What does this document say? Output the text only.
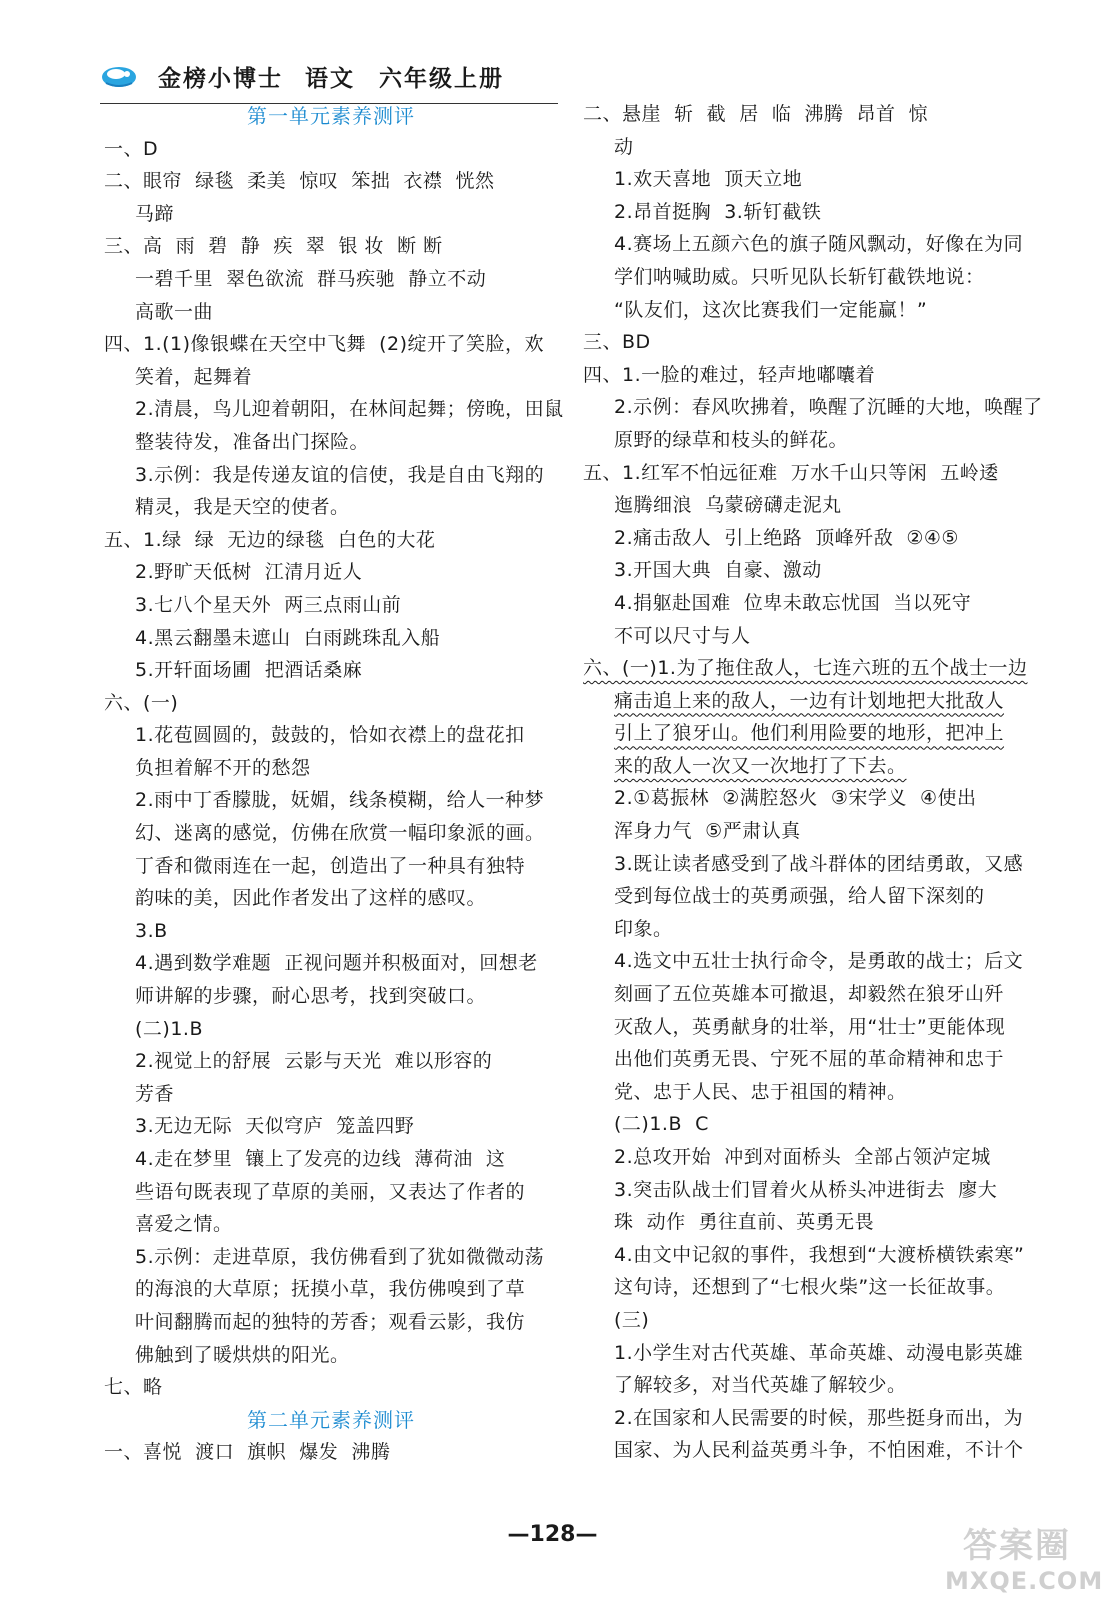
金榜小博士 语文 六年级上册
第一单元素养测评
一、D
二、眼帘  绿毯  柔美  惊叹  笨拙  衣襟  恍然
马蹄
三、高  雨  碧  静  疾  翠  银 妆  断 断
一碧千里  翠色欲流  群马疾驰  静立不动
高歌一曲
四、1.(1)像银蝶在天空中飞舞  (2)绽开了笑脸，欢
笑着，起舞着
2.清晨，鸟儿迎着朝阳，在林间起舞；傍晚，田鼠
整装待发，准备出门探险。
3.示例：我是传递友谊的信使，我是自由飞翔的
精灵，我是天空的使者。
五、1.绿  绿  无边的绿毯  白色的大花
2.野旷天低树  江清月近人
3.七八个星天外  两三点雨山前
4.黑云翻墨未遮山  白雨跳珠乱入船
5.开轩面场圃  把酒话桑麻
六、(一)
1.花苞圆圆的，鼓鼓的，恰如衣襟上的盘花扣
负担着解不开的愁怨
2.雨中丁香朦胧，妩媚，线条模糊，给人一种梦
幻、迷离的感觉，仿佛在欣赏一幅印象派的画。
丁香和微雨连在一起，创造出了一种具有独特
韵味的美，因此作者发出了这样的感叹。
3.B
4.遇到数学难题  正视问题并积极面对，回想老
师讲解的步骤，耐心思考，找到突破口。
(二)1.B
2.视觉上的舒展  云影与天光  难以形容的
芳香
3.无边无际  天似穹庐  笼盖四野
4.走在梦里  镶上了发亮的边线  薄荷油  这
些语句既表现了草原的美丽，又表达了作者的
喜爱之情。
5.示例：走进草原，我仿佛看到了犹如微微动荡
的海浪的大草原；抚摸小草，我仿佛嗅到了草
叶间翻腾而起的独特的芳香；观看云影，我仿
佛触到了暖烘烘的阳光。
七、略
第二单元素养测评
一、喜悦  渡口  旗帜  爆发  沸腾
二、悬崖  斩  截  居  临  沸腾  昂首  惊
动
1.欢天喜地  顶天立地
2.昂首挺胸  3.斩钉截铁
4.赛场上五颜六色的旗子随风飘动，好像在为同
学们呐喊助威。只听见队长斩钉截铁地说：
“队友们，这次比赛我们一定能赢！”
三、BD
四、1.一脸的难过，轻声地嘟囔着
2.示例：春风吹拂着，唤醒了沉睡的大地，唤醒了
原野的绿草和枝头的鲜花。
五、1.红军不怕远征难  万水千山只等闲  五岭逶
迤腾细浪  乌蒙磅礴走泥丸
2.痛击敌人  引上绝路  顶峰歼敌  ②④⑤
3.开国大典  自豪、激动
4.捐躯赴国难  位卑未敢忘忧国  当以死守
不可以尺寸与人
六、(一)1.为了拖住敌人，七连六班的五个战士一边
痛击追上来的敌人，一边有计划地把大批敌人
引上了狼牙山。他们利用险要的地形，把冲上
来的敌人一次又一次地打了下去。
2.①葛振林  ②满腔怒火  ③宋学义  ④使出
浑身力气  ⑤严肃认真
3.既让读者感受到了战斗群体的团结勇敢，又感
受到每位战士的英勇顽强，给人留下深刻的
印象。
4.选文中五壮士执行命令，是勇敢的战士；后文
刻画了五位英雄本可撤退，却毅然在狼牙山歼
灭敌人，英勇献身的壮举，用“壮士”更能体现
出他们英勇无畏、宁死不屈的革命精神和忠于
党、忠于人民、忠于祖国的精神。
(二)1.B  C
2.总攻开始  冲到对面桥头  全部占领泸定城
3.突击队战士们冒着火从桥头冲进街去  廖大
珠  动作  勇往直前、英勇无畏
4.由文中记叙的事件，我想到“大渡桥横铁索寒”
这句诗，还想到了“七根火柴”这一长征故事。
(三)
1.小学生对古代英雄、革命英雄、动漫电影英雄
了解较多，对当代英雄了解较少。
2.在国家和人民需要的时候，那些挺身而出，为
国家、为人民利益英勇斗争，不怕困难，不计个
—128—	答案圈
MXQE.COM
